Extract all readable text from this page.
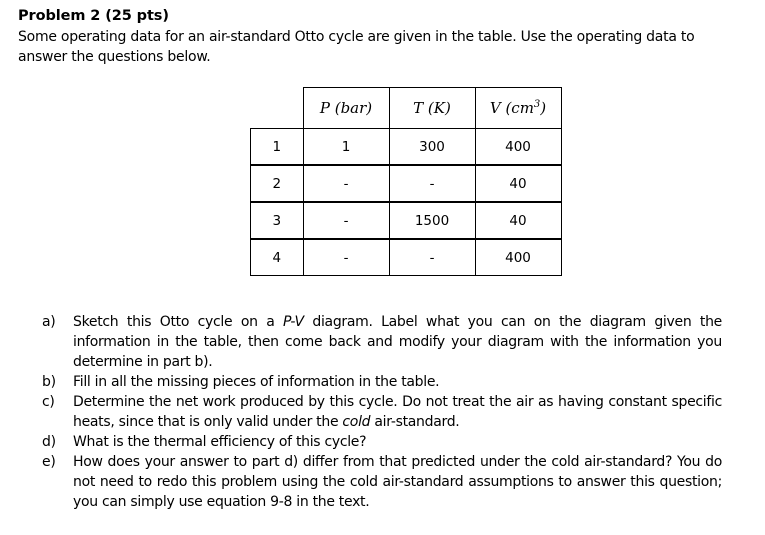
Problem 2 (25 pts)
Some operating data for an air-standard Otto cycle are given in the table. Use the operating data to answer the questions below.
	P (bar)	T (K)	V $(cm^3)$
1	1	300	400
2	-	-	40
3	-	1500	40
4	-	-	400
a) Sketch this Otto cycle on a P-V diagram. Label what you can on the diagram given the information in the table, then come back and modify your diagram with the information you determine in part b).
b) Fill in all the missing pieces of information in the table.
c) Determine the net work produced by this cycle. Do not treat the air as having constant specific heats, since that is only valid under the cold air-standard.
d) What is the thermal efficiency of this cycle?
e) How does your answer to part d) differ from that predicted under the cold air-standard? You do not need to redo this problem using the cold air-standard assumptions to answer this question; you can simply use equation 9-8 in the text.
